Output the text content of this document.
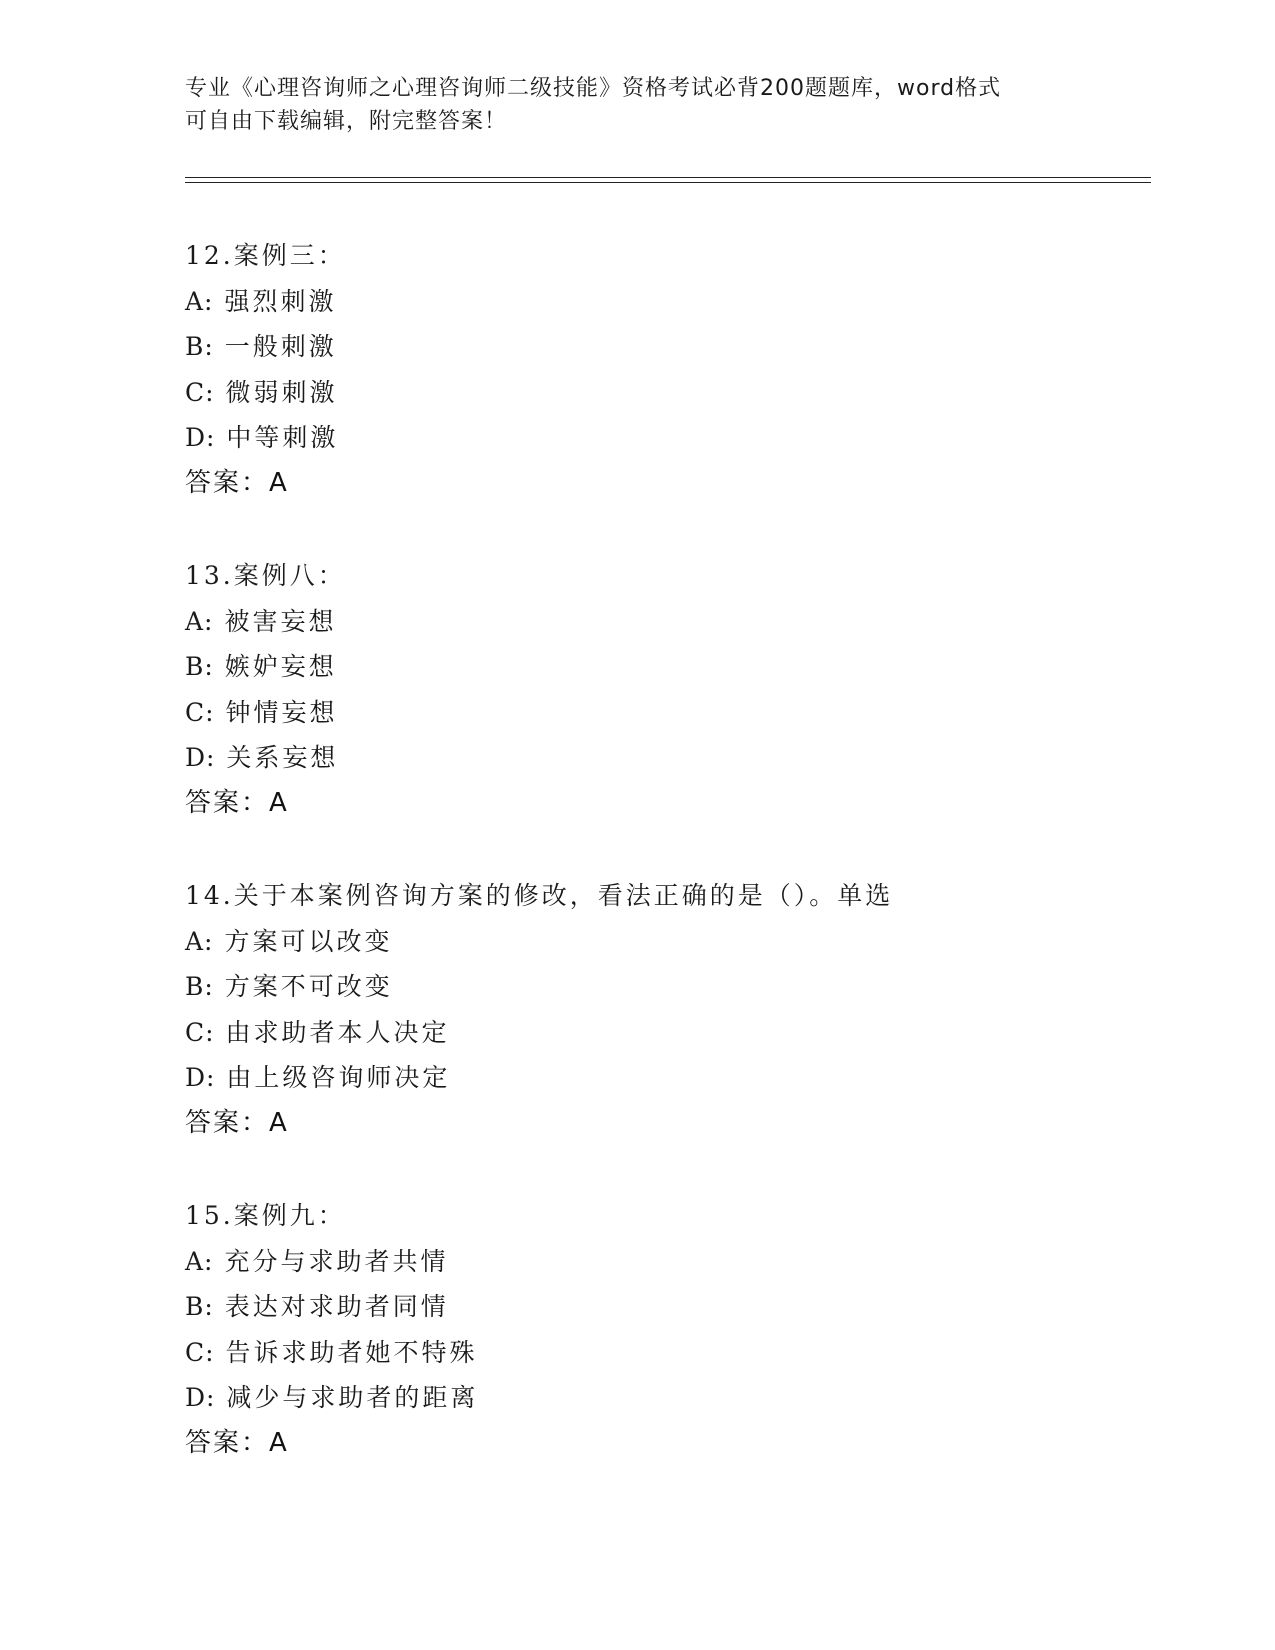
专业《心理咨询师之心理咨询师二级技能》资格考试必背200题题库，word格式
可自由下载编辑，附完整答案！
12.案例三：
A: 强烈刺激
B: 一般刺激
C: 微弱刺激
D: 中等刺激
答案：A
13.案例八：
A: 被害妄想
B: 嫉妒妄想
C: 钟情妄想
D: 关系妄想
答案：A
14.关于本案例咨询方案的修改，看法正确的是（）。单选
A: 方案可以改变
B: 方案不可改变
C: 由求助者本人决定
D: 由上级咨询师决定
答案：A
15.案例九：
A: 充分与求助者共情
B: 表达对求助者同情
C: 告诉求助者她不特殊
D: 减少与求助者的距离
答案：A
